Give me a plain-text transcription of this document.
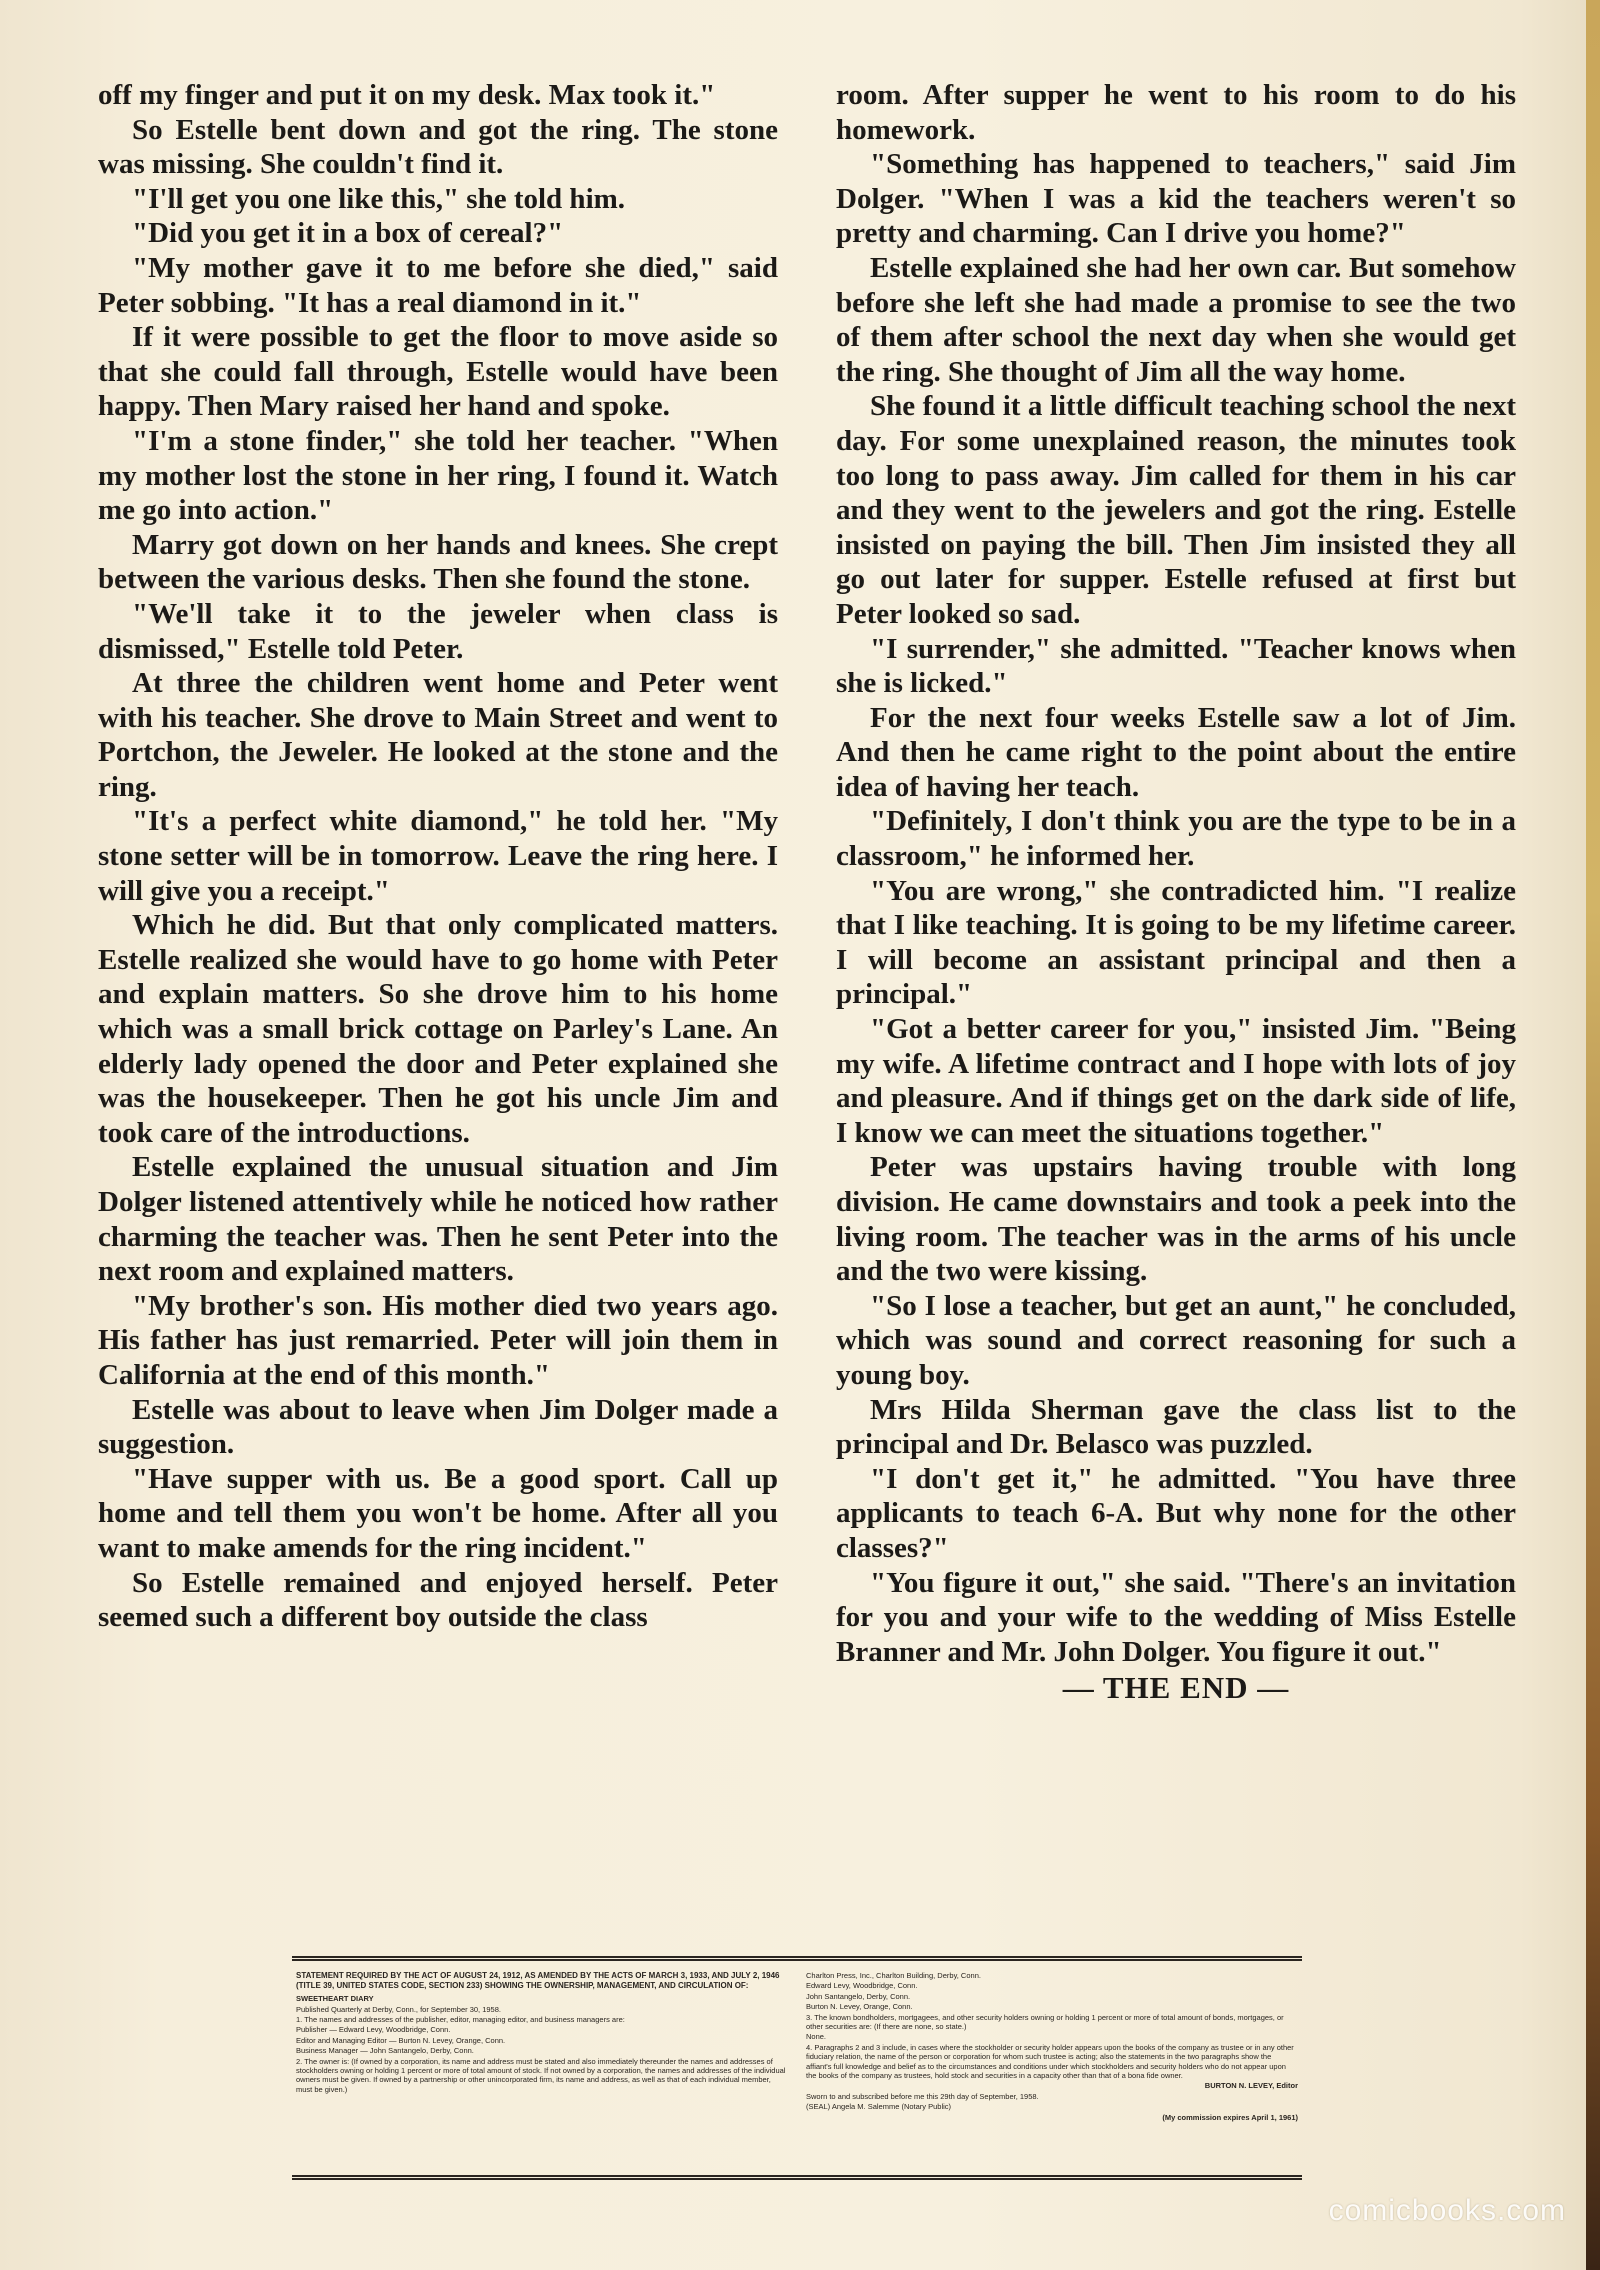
off my finger and put it on my desk. Max took it."

So Estelle bent down and got the ring. The stone was missing. She couldn't find it.

"I'll get you one like this," she told him.

"Did you get it in a box of cereal?"

"My mother gave it to me before she died," said Peter sobbing. "It has a real diamond in it."

If it were possible to get the floor to move aside so that she could fall through, Estelle would have been happy. Then Mary raised her hand and spoke.

"I'm a stone finder," she told her teacher. "When my mother lost the stone in her ring, I found it. Watch me go into action."

Marry got down on her hands and knees. She crept between the various desks. Then she found the stone.

"We'll take it to the jeweler when class is dismissed," Estelle told Peter.

At three the children went home and Peter went with his teacher. She drove to Main Street and went to Portchon, the Jeweler. He looked at the stone and the ring.

"It's a perfect white diamond," he told her. "My stone setter will be in tomorrow. Leave the ring here. I will give you a receipt."

Which he did. But that only complicated matters. Estelle realized she would have to go home with Peter and explain matters. So she drove him to his home which was a small brick cottage on Parley's Lane. An elderly lady opened the door and Peter explained she was the housekeeper. Then he got his uncle Jim and took care of the introductions.

Estelle explained the unusual situation and Jim Dolger listened attentively while he noticed how rather charming the teacher was. Then he sent Peter into the next room and explained matters.

"My brother's son. His mother died two years ago. His father has just remarried. Peter will join them in California at the end of this month."

Estelle was about to leave when Jim Dolger made a suggestion.

"Have supper with us. Be a good sport. Call up home and tell them you won't be home. After all you want to make amends for the ring incident."

So Estelle remained and enjoyed herself. Peter seemed such a different boy outside the class

room. After supper he went to his room to do his homework.

"Something has happened to teachers," said Jim Dolger. "When I was a kid the teachers weren't so pretty and charming. Can I drive you home?"

Estelle explained she had her own car. But somehow before she left she had made a promise to see the two of them after school the next day when she would get the ring. She thought of Jim all the way home.

She found it a little difficult teaching school the next day. For some unexplained reason, the minutes took too long to pass away. Jim called for them in his car and they went to the jewelers and got the ring. Estelle insisted on paying the bill. Then Jim insisted they all go out later for supper. Estelle refused at first but Peter looked so sad.

"I surrender," she admitted. "Teacher knows when she is licked."

For the next four weeks Estelle saw a lot of Jim. And then he came right to the point about the entire idea of having her teach.

"Definitely, I don't think you are the type to be in a classroom," he informed her.

"You are wrong," she contradicted him. "I realize that I like teaching. It is going to be my lifetime career. I will become an assistant principal and then a principal."

"Got a better career for you," insisted Jim. "Being my wife. A lifetime contract and I hope with lots of joy and pleasure. And if things get on the dark side of life, I know we can meet the situations together."

Peter was upstairs having trouble with long division. He came downstairs and took a peek into the living room. The teacher was in the arms of his uncle and the two were kissing.

"So I lose a teacher, but get an aunt," he concluded, which was sound and correct reasoning for such a young boy.

Mrs Hilda Sherman gave the class list to the principal and Dr. Belasco was puzzled.

"I don't get it," he admitted. "You have three applicants to teach 6-A. But why none for the other classes?"

"You figure it out," she said. "There's an invitation for you and your wife to the wedding of Miss Estelle Branner and Mr. John Dolger. You figure it out."

— THE END —

STATEMENT REQUIRED BY THE ACT OF AUGUST 24, 1912, AS AMENDED BY THE ACTS OF MARCH 3, 1933, AND JULY 2, 1946 (TITLE 39, UNITED STATES CODE, SECTION 233) SHOWING THE OWNERSHIP, MANAGEMENT, AND CIRCULATION OF:

SWEETHEART DIARY

Published Quarterly at Derby, Conn., for September 30, 1958.

1. The names and addresses of the publisher, editor, managing editor, and business managers are:

Publisher — Edward Levy, Woodbridge, Conn.

Editor and Managing Editor — Burton N. Levey, Orange, Conn.

Business Manager — John Santangelo, Derby, Conn.

2. The owner is: (If owned by a corporation, its name and address must be stated and also immediately thereunder the names and addresses of stockholders owning or holding 1 percent or more of total amount of stock. If not owned by a corporation, the names and addresses of the individual owners must be given. If owned by a partnership or other unincorporated firm, its name and address, as well as that of each individual member, must be given.)

Charlton Press, Inc., Charlton Building, Derby, Conn.

Edward Levy, Woodbridge, Conn.

John Santangelo, Derby, Conn.

Burton N. Levey, Orange, Conn.

3. The known bondholders, mortgagees, and other security holders owning or holding 1 percent or more of total amount of bonds, mortgages, or other securities are: (If there are none, so state.)

None.

4. Paragraphs 2 and 3 include, in cases where the stockholder or security holder appears upon the books of the company as trustee or in any other fiduciary relation, the name of the person or corporation for whom such trustee is acting; also the statements in the two paragraphs show the affiant's full knowledge and belief as to the circumstances and conditions under which stockholders and security holders who do not appear upon the books of the company as trustees, hold stock and securities in a capacity other than that of a bona fide owner.

BURTON N. LEVEY, Editor

Sworn to and subscribed before me this 29th day of September, 1958.

(SEAL) Angela M. Salemme (Notary Public)

(My commission expires April 1, 1961)

comicbooks.com
